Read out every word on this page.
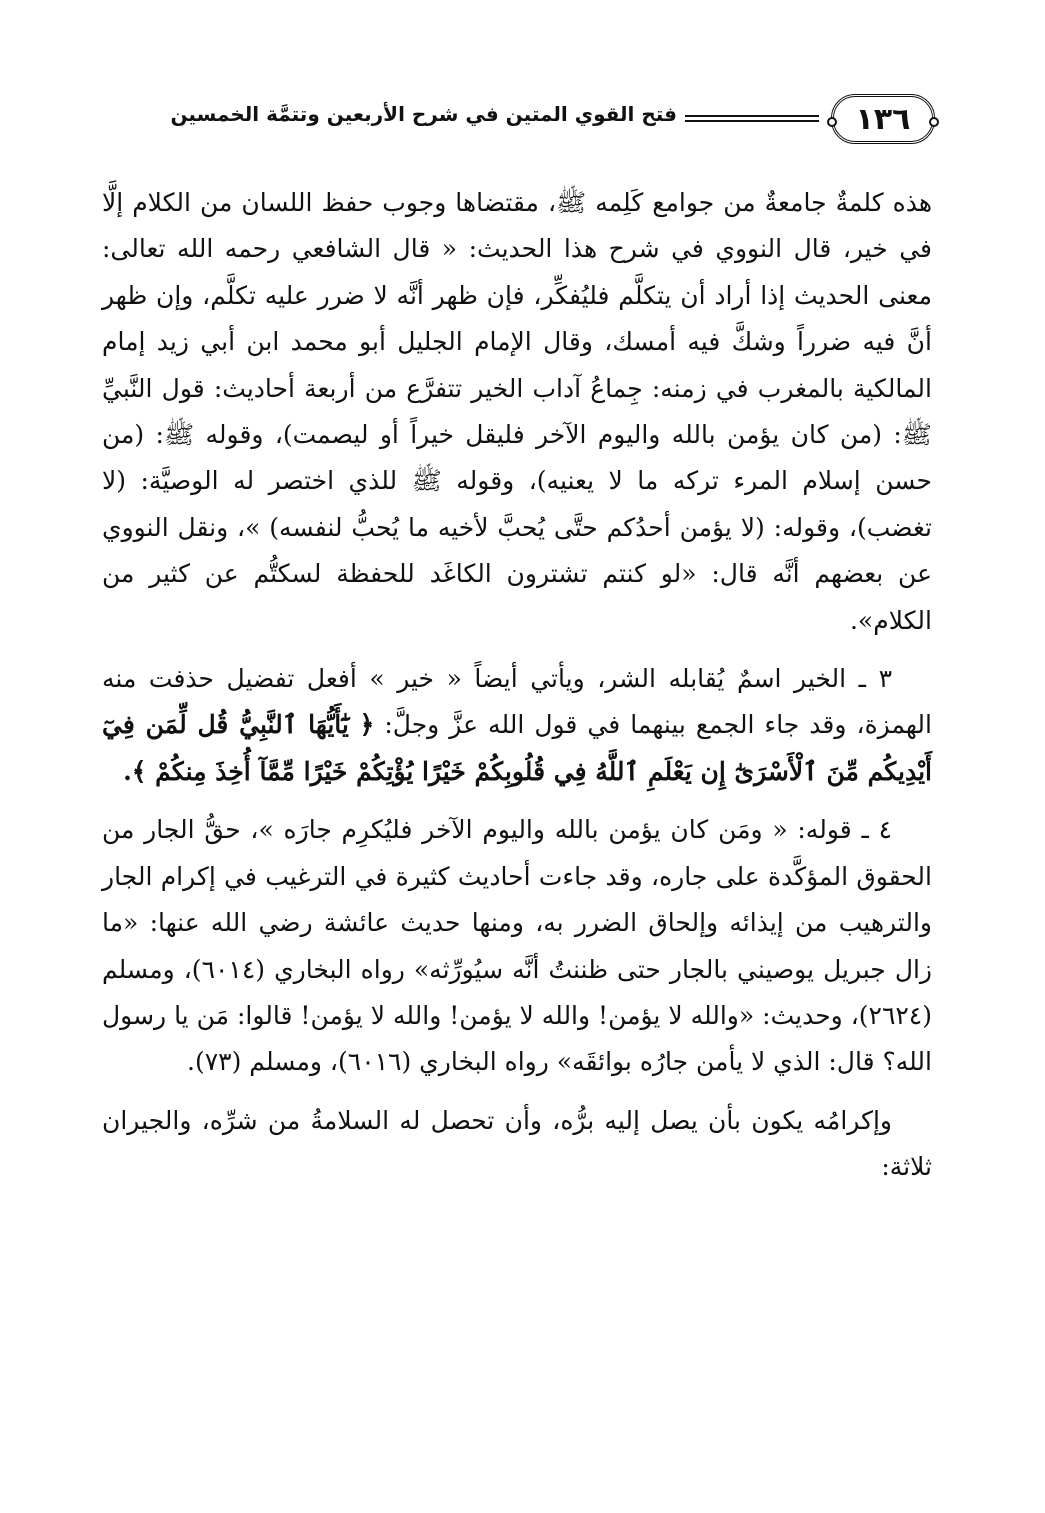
١٣٦
فتح القوي المتين في شرح الأربعين وتتمَّة الخمسين

هذه كلمةٌ جامعةٌ من جوامع كَلِمه ﷺ، مقتضاها وجوب حفظ اللسان من الكلام إلَّا في خير، قال النووي في شرح هذا الحديث: « قال الشافعي رحمه الله تعالى: معنى الحديث إذا أراد أن يتكلَّم فليُفكِّر، فإن ظهر أنَّه لا ضرر عليه تكلَّم، وإن ظهر أنَّ فيه ضرراً وشكَّ فيه أمسك، وقال الإمام الجليل أبو محمد ابن أبي زيد إمام المالكية بالمغرب في زمنه: جِماعُ آداب الخير تتفرَّع من أربعة أحاديث: قول النَّبيِّ ﷺ: (من كان يؤمن بالله واليوم الآخر فليقل خيراً أو ليصمت)، وقوله ﷺ: (من حسن إسلام المرء تركه ما لا يعنيه)، وقوله ﷺ للذي اختصر له الوصيَّة: (لا تغضب)، وقوله: (لا يؤمن أحدُكم حتَّى يُحبَّ لأخيه ما يُحبُّ لنفسه) »، ونقل النووي عن بعضهم أنَّه قال: «لو كنتم تشترون الكاغَد للحفظة لسكتُّم عن كثير من الكلام».

٣ ـ الخير اسمٌ يُقابله الشر، ويأتي أيضاً « خير » أفعل تفضيل حذفت منه الهمزة، وقد جاء الجمع بينهما في قول الله عزَّ وجلَّ: ﴿ يَٰٓأَيُّهَا ٱلنَّبِيُّ قُل لِّمَن فِيٓ أَيْدِيكُم مِّنَ ٱلْأَسْرَىٰٓ إِن يَعْلَمِ ٱللَّهُ فِي قُلُوبِكُمْ خَيْرًا يُؤْتِكُمْ خَيْرًا مِّمَّآ أُخِذَ مِنكُمْ ﴾.

٤ ـ قوله: « ومَن كان يؤمن بالله واليوم الآخر فليُكرِم جارَه »، حقُّ الجار من الحقوق المؤكَّدة على جاره، وقد جاءت أحاديث كثيرة في الترغيب في إكرام الجار والترهيب من إيذائه وإلحاق الضرر به، ومنها حديث عائشة رضي الله عنها: «ما زال جبريل يوصيني بالجار حتى ظننتُ أنَّه سيُورِّثه» رواه البخاري (٦٠١٤)، ومسلم (٢٦٢٤)، وحديث: «والله لا يؤمن! والله لا يؤمن! والله لا يؤمن! قالوا: مَن يا رسول الله؟ قال: الذي لا يأمن جارُه بوائقَه» رواه البخاري (٦٠١٦)، ومسلم (٧٣).

وإكرامُه يكون بأن يصل إليه برُّه، وأن تحصل له السلامةُ من شرِّه، والجيران ثلاثة:
